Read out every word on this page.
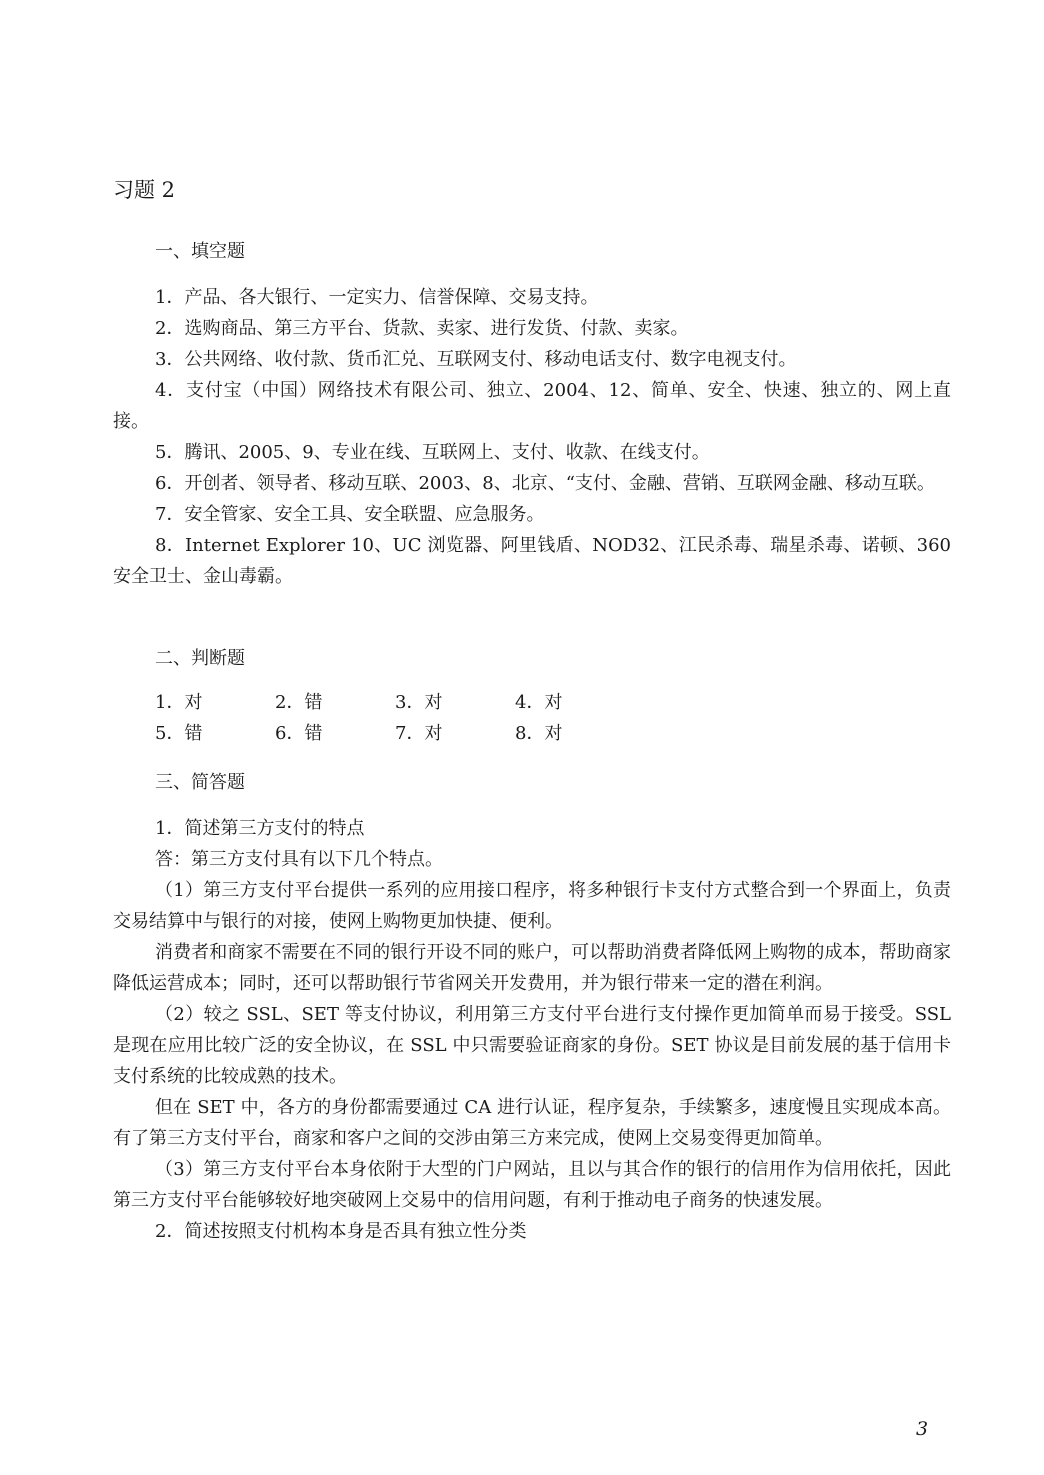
习题 2
一、填空题

1．产品、各大银行、一定实力、信誉保障、交易支持。

2．选购商品、第三方平台、货款、卖家、进行发货、付款、卖家。

3．公共网络、收付款、货币汇兑、互联网支付、移动电话支付、数字电视支付。

4．支付宝（中国）网络技术有限公司、独立、2004、12、简单、安全、快速、独立的、网上直接。

5．腾讯、2005、9、专业在线、互联网上、支付、收款、在线支付。

6．开创者、领导者、移动互联、2003、8、北京、“支付、金融、营销、互联网金融、移动互联。

7．安全管家、安全工具、安全联盟、应急服务。

8．Internet Explorer 10、UC 浏览器、阿里钱盾、NOD32、江民杀毒、瑞星杀毒、诺顿、360 安全卫士、金山毒霸。

二、判断题
1．对	2．错	3．对	4．对
5．错	6．错	7．对	8．对
三、简答题

1．简述第三方支付的特点

答：第三方支付具有以下几个特点。

（1）第三方支付平台提供一系列的应用接口程序，将多种银行卡支付方式整合到一个界面上，负责交易结算中与银行的对接，使网上购物更加快捷、便利。

消费者和商家不需要在不同的银行开设不同的账户，可以帮助消费者降低网上购物的成本，帮助商家降低运营成本；同时，还可以帮助银行节省网关开发费用，并为银行带来一定的潜在利润。

（2）较之 SSL、SET 等支付协议，利用第三方支付平台进行支付操作更加简单而易于接受。SSL 是现在应用比较广泛的安全协议，在 SSL 中只需要验证商家的身份。SET 协议是目前发展的基于信用卡支付系统的比较成熟的技术。

但在 SET 中，各方的身份都需要通过 CA 进行认证，程序复杂，手续繁多，速度慢且实现成本高。有了第三方支付平台，商家和客户之间的交涉由第三方来完成，使网上交易变得更加简单。

（3）第三方支付平台本身依附于大型的门户网站，且以与其合作的银行的信用作为信用依托，因此第三方支付平台能够较好地突破网上交易中的信用问题，有利于推动电子商务的快速发展。

2．简述按照支付机构本身是否具有独立性分类

3
